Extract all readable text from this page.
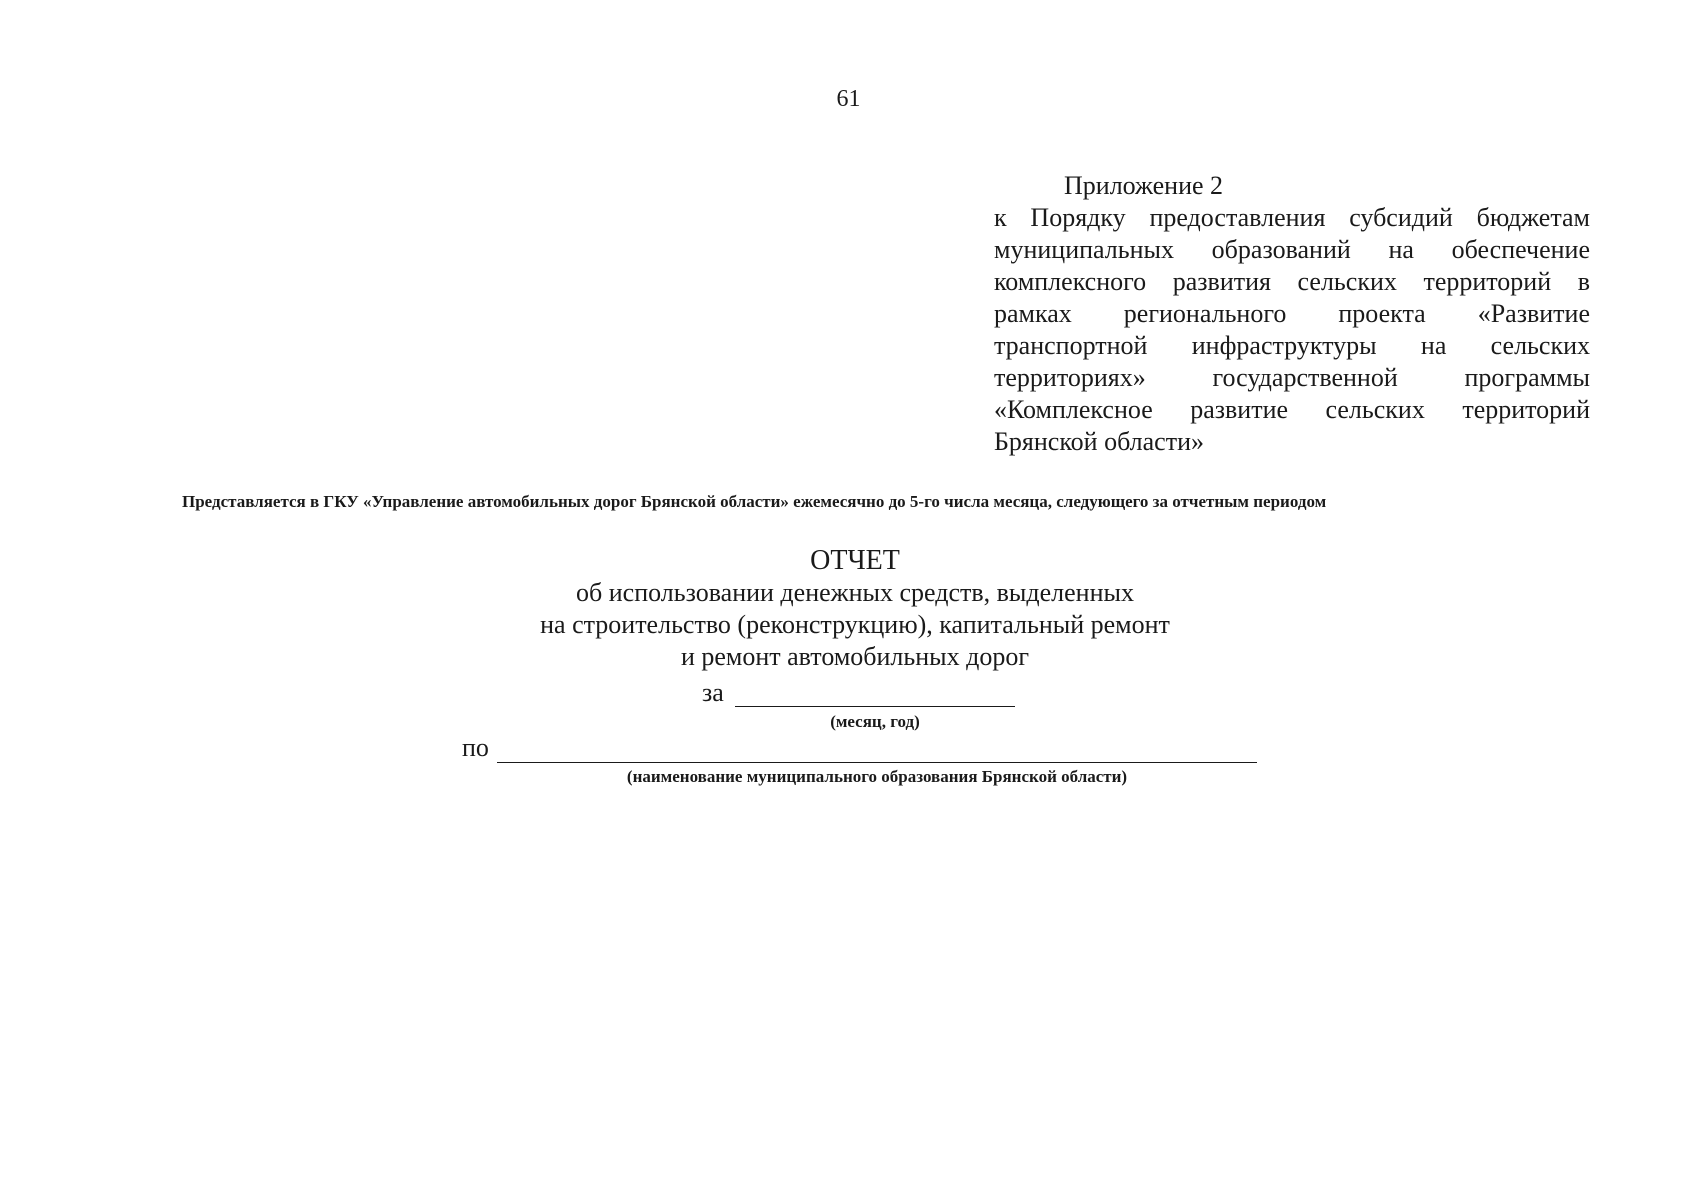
61
Приложение 2
к Порядку предоставления субсидий бюджетам муниципальных образований на обеспечение комплексного развития сельских территорий в рамках регионального проекта «Развитие транспортной инфраструктуры на сельских территориях» государственной программы «Комплексное развитие сельских территорий Брянской области»
Представляется в ГКУ «Управление автомобильных дорог Брянской области» ежемесячно до 5-го числа месяца, следующего за отчетным периодом
ОТЧЕТ
об использовании денежных средств, выделенных
на строительство (реконструкцию), капитальный ремонт
и ремонт автомобильных дорог
за
(месяц, год)
по
(наименование муниципального образования Брянской области)
